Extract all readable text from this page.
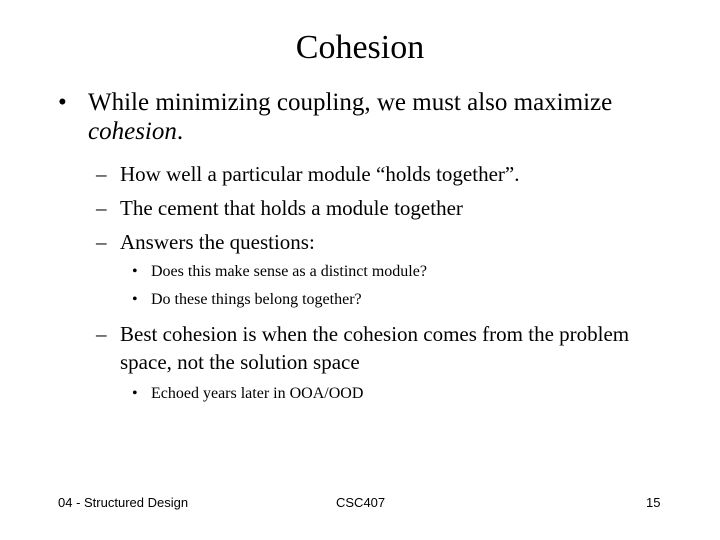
Cohesion
• While minimizing coupling, we must also maximize cohesion.
– How well a particular module “holds together”.
– The cement that holds a module together
– Answers the questions:
• Does this make sense as a distinct module?
• Do these things belong together?
– Best cohesion is when the cohesion comes from the problem space, not the solution space
• Echoed years later in OOA/OOD
04 - Structured Design	CSC407	15
